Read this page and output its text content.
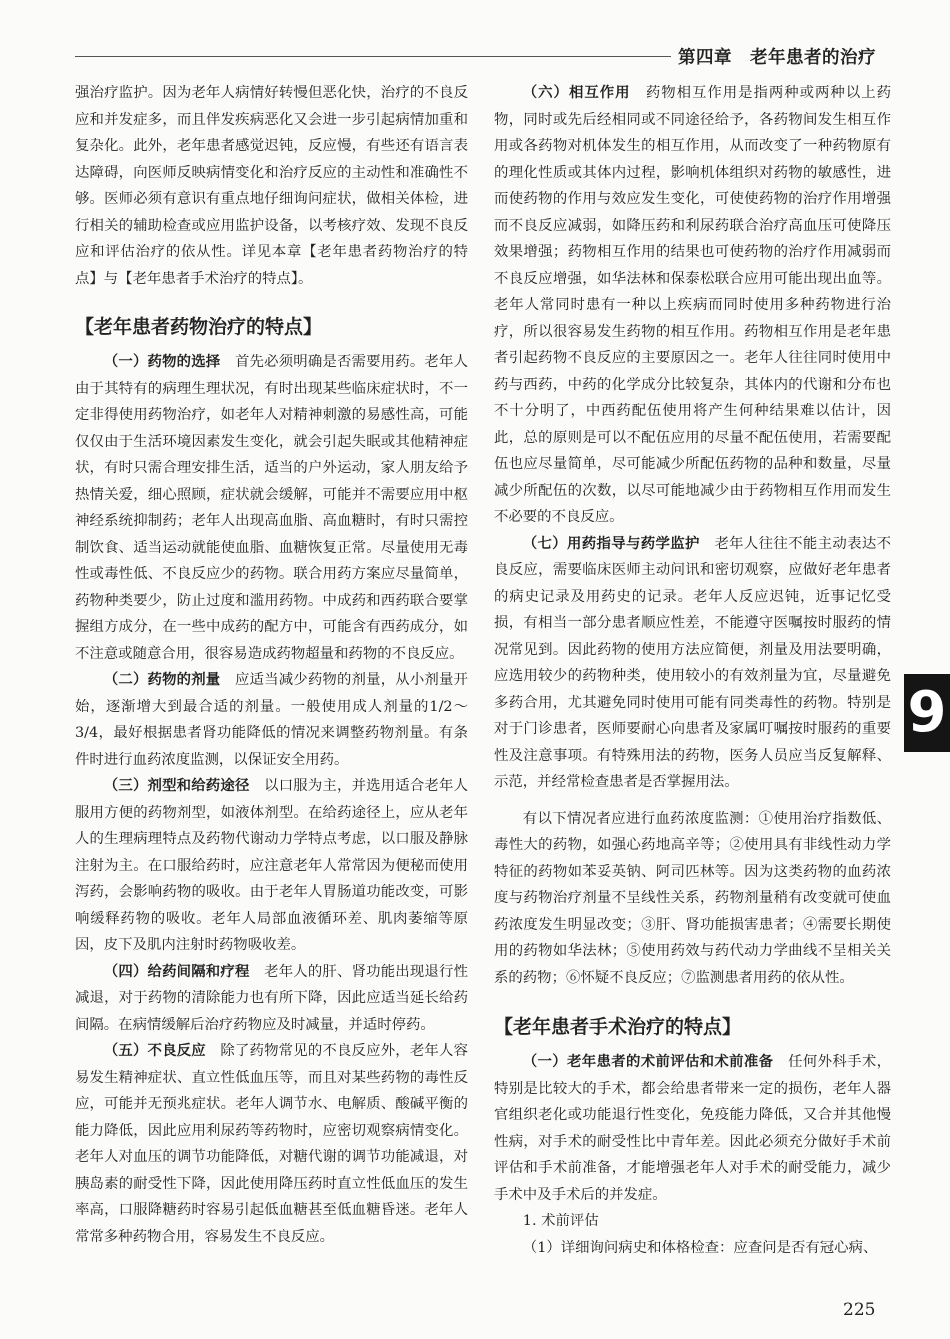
第四章　老年患者的治疗

强治疗监护。因为老年人病情好转慢但恶化快，治疗的不良反应和并发症多，而且伴发疾病恶化又会进一步引起病情加重和复杂化。此外，老年患者感觉迟钝，反应慢，有些还有语言表达障碍，向医师反映病情变化和治疗反应的主动性和准确性不够。医师必须有意识有重点地仔细询问症状，做相关体检，进行相关的辅助检查或应用监护设备，以考核疗效、发现不良反应和评估治疗的依从性。详见本章【老年患者药物治疗的特点】与【老年患者手术治疗的特点】。

【老年患者药物治疗的特点】

（一）药物的选择　 首先必须明确是否需要用药。老年人由于其特有的病理生理状况，有时出现某些临床症状时，不一定非得使用药物治疗，如老年人对精神刺激的易感性高，可能仅仅由于生活环境因素发生变化，就会引起失眠或其他精神症状，有时只需合理安排生活，适当的户外运动，家人朋友给予热情关爱，细心照顾，症状就会缓解，可能并不需要应用中枢神经系统抑制药；老年人出现高血脂、高血糖时，有时只需控制饮食、适当运动就能使血脂、血糖恢复正常。尽量使用无毒性或毒性低、不良反应少的药物。联合用药方案应尽量简单，药物种类要少，防止过度和滥用药物。中成药和西药联合要掌握组方成分，在一些中成药的配方中，可能含有西药成分，如不注意或随意合用，很容易造成药物超量和药物的不良反应。

（二）药物的剂量　 应适当减少药物的剂量，从小剂量开始，逐渐增大到最合适的剂量。一般使用成人剂量的1/2～3/4，最好根据患者肾功能降低的情况来调整药物剂量。有条件时进行血药浓度监测，以保证安全用药。

（三）剂型和给药途径　 以口服为主，并选用适合老年人服用方便的药物剂型，如液体剂型。在给药途径上，应从老年人的生理病理特点及药物代谢动力学特点考虑，以口服及静脉注射为主。在口服给药时，应注意老年人常常因为便秘而使用泻药，会影响药物的吸收。由于老年人胃肠道功能改变，可影响缓释药物的吸收。老年人局部血液循环差、肌肉萎缩等原因，皮下及肌内注射时药物吸收差。

（四）给药间隔和疗程　 老年人的肝、肾功能出现退行性减退，对于药物的清除能力也有所下降，因此应适当延长给药间隔。在病情缓解后治疗药物应及时减量，并适时停药。

（五）不良反应　 除了药物常见的不良反应外，老年人容易发生精神症状、直立性低血压等，而且对某些药物的毒性反应，可能并无预兆症状。老年人调节水、电解质、酸碱平衡的能力降低，因此应用利尿药等药物时，应密切观察病情变化。老年人对血压的调节功能降低，对糖代谢的调节功能减退，对胰岛素的耐受性下降，因此使用降压药时直立性低血压的发生率高，口服降糖药时容易引起低血糖甚至低血糖昏迷。老年人常常多种药物合用，容易发生不良反应。

（六）相互作用　 药物相互作用是指两种或两种以上药物，同时或先后经相同或不同途径给予，各药物间发生相互作用或各药物对机体发生的相互作用，从而改变了一种药物原有的理化性质或其体内过程，影响机体组织对药物的敏感性，进而使药物的作用与效应发生变化，可使使药物的治疗作用增强而不良反应减弱，如降压药和利尿药联合治疗高血压可使降压效果增强；药物相互作用的结果也可使药物的治疗作用减弱而不良反应增强，如华法林和保泰松联合应用可能出现出血等。老年人常同时患有一种以上疾病而同时使用多种药物进行治疗，所以很容易发生药物的相互作用。药物相互作用是老年患者引起药物不良反应的主要原因之一。老年人往往同时使用中药与西药，中药的化学成分比较复杂，其体内的代谢和分布也不十分明了，中西药配伍使用将产生何种结果难以估计，因此，总的原则是可以不配伍应用的尽量不配伍使用，若需要配伍也应尽量简单，尽可能减少所配伍药物的品种和数量，尽量减少所配伍的次数，以尽可能地减少由于药物相互作用而发生不必要的不良反应。

（七）用药指导与药学监护　 老年人往往不能主动表达不良反应，需要临床医师主动问讯和密切观察，应做好老年患者的病史记录及用药史的记录。老年人反应迟钝，近事记忆受损，有相当一部分患者顺应性差，不能遵守医嘱按时服药的情况常见到。因此药物的使用方法应简便，剂量及用法要明确，应选用较少的药物种类，使用较小的有效剂量为宜，尽量避免多药合用，尤其避免同时使用可能有同类毒性的药物。特别是对于门诊患者，医师要耐心向患者及家属叮嘱按时服药的重要性及注意事项。有特殊用法的药物，医务人员应当反复解释、示范，并经常检查患者是否掌握用法。

有以下情况者应进行血药浓度监测：①使用治疗指数低、毒性大的药物，如强心药地高辛等；②使用具有非线性动力学特征的药物如苯妥英钠、阿司匹林等。因为这类药物的血药浓度与药物治疗剂量不呈线性关系，药物剂量稍有改变就可使血药浓度发生明显改变；③肝、肾功能损害患者；④需要长期使用的药物如华法林；⑤使用药效与药代动力学曲线不呈相关关系的药物；⑥怀疑不良反应；⑦监测患者用药的依从性。

【老年患者手术治疗的特点】

（一）老年患者的术前评估和术前准备　 任何外科手术，特别是比较大的手术，都会给患者带来一定的损伤，老年人器官组织老化或功能退行性变化，免疫能力降低，又合并其他慢性病，对手术的耐受性比中青年差。因此必须充分做好手术前评估和手术前准备，才能增强老年人对手术的耐受能力，减少手术中及手术后的并发症。

1. 术前评估

（1）详细询问病史和体格检查：应查问是否有冠心病、

9
225
